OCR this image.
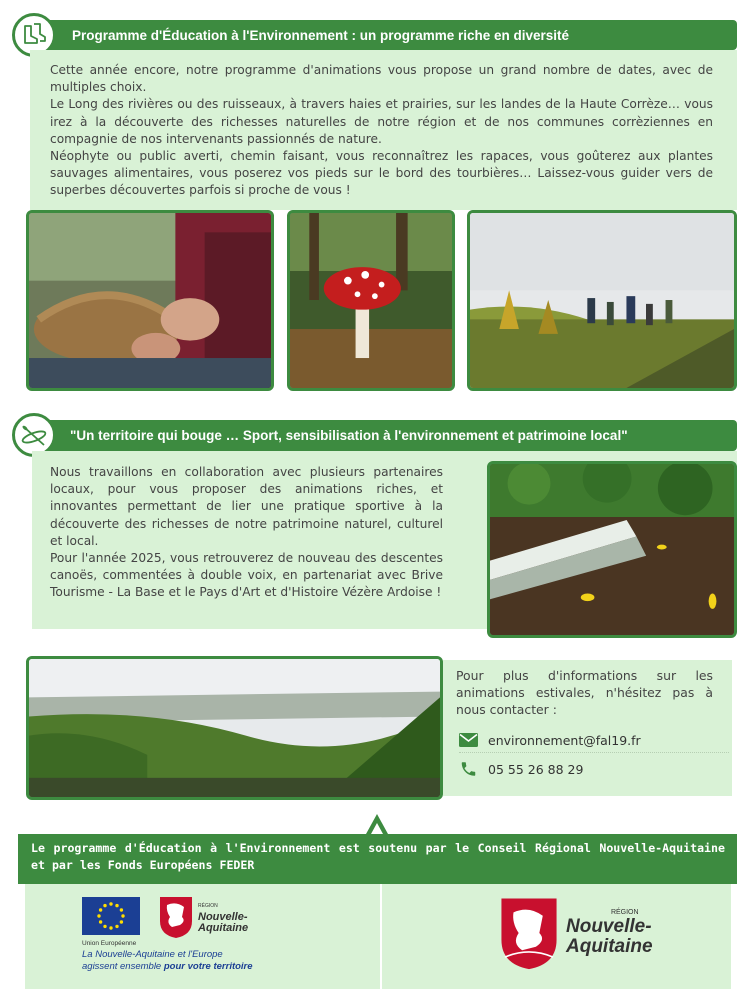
Programme d'Éducation à l'Environnement : un programme riche en diversité

Cette année encore, notre programme d'animations vous propose un grand nombre de dates, avec de multiples choix.

Le Long des rivières ou des ruisseaux, à travers haies et prairies, sur les landes de la Haute Corrèze… vous irez à la découverte des richesses naturelles de notre région et de nos communes corrèziennes en compagnie de nos intervenants passionnés de nature.

Néophyte ou public averti, chemin faisant, vous reconnaîtrez les rapaces, vous goûterez aux plantes sauvages alimentaires, vous poserez vos pieds sur le bord des tourbières… Laissez-vous guider vers de superbes découvertes parfois si proche de vous !

"Un territoire qui bouge … Sport, sensibilisation à l'environnement et patrimoine local"

Nous travaillons en collaboration avec plusieurs partenaires locaux, pour vous proposer des animations riches, et innovantes permettant de lier une pratique sportive à la découverte des richesses de notre patrimoine naturel, culturel et local.

Pour l'année 2025, vous retrouverez de nouveau des descentes canoës, commentées à double voix, en partenariat avec Brive Tourisme - La Base et le Pays d'Art et d'Histoire Vézère Ardoise !

Pour plus d'informations sur les animations estivales, n'hésitez pas à nous contacter :
environnement@fal19.fr
05 55 26 88 29
Le programme d'Éducation à l'Environnement est soutenu par le Conseil Régional Nouvelle-Aquitaine et par les Fonds Européens FEDER
Union Européenne
RÉGION
Nouvelle-
Aquitaine
La Nouvelle-Aquitaine et l'Europe
agissent ensemble pour votre territoire
RÉGION
Nouvelle-
Aquitaine
